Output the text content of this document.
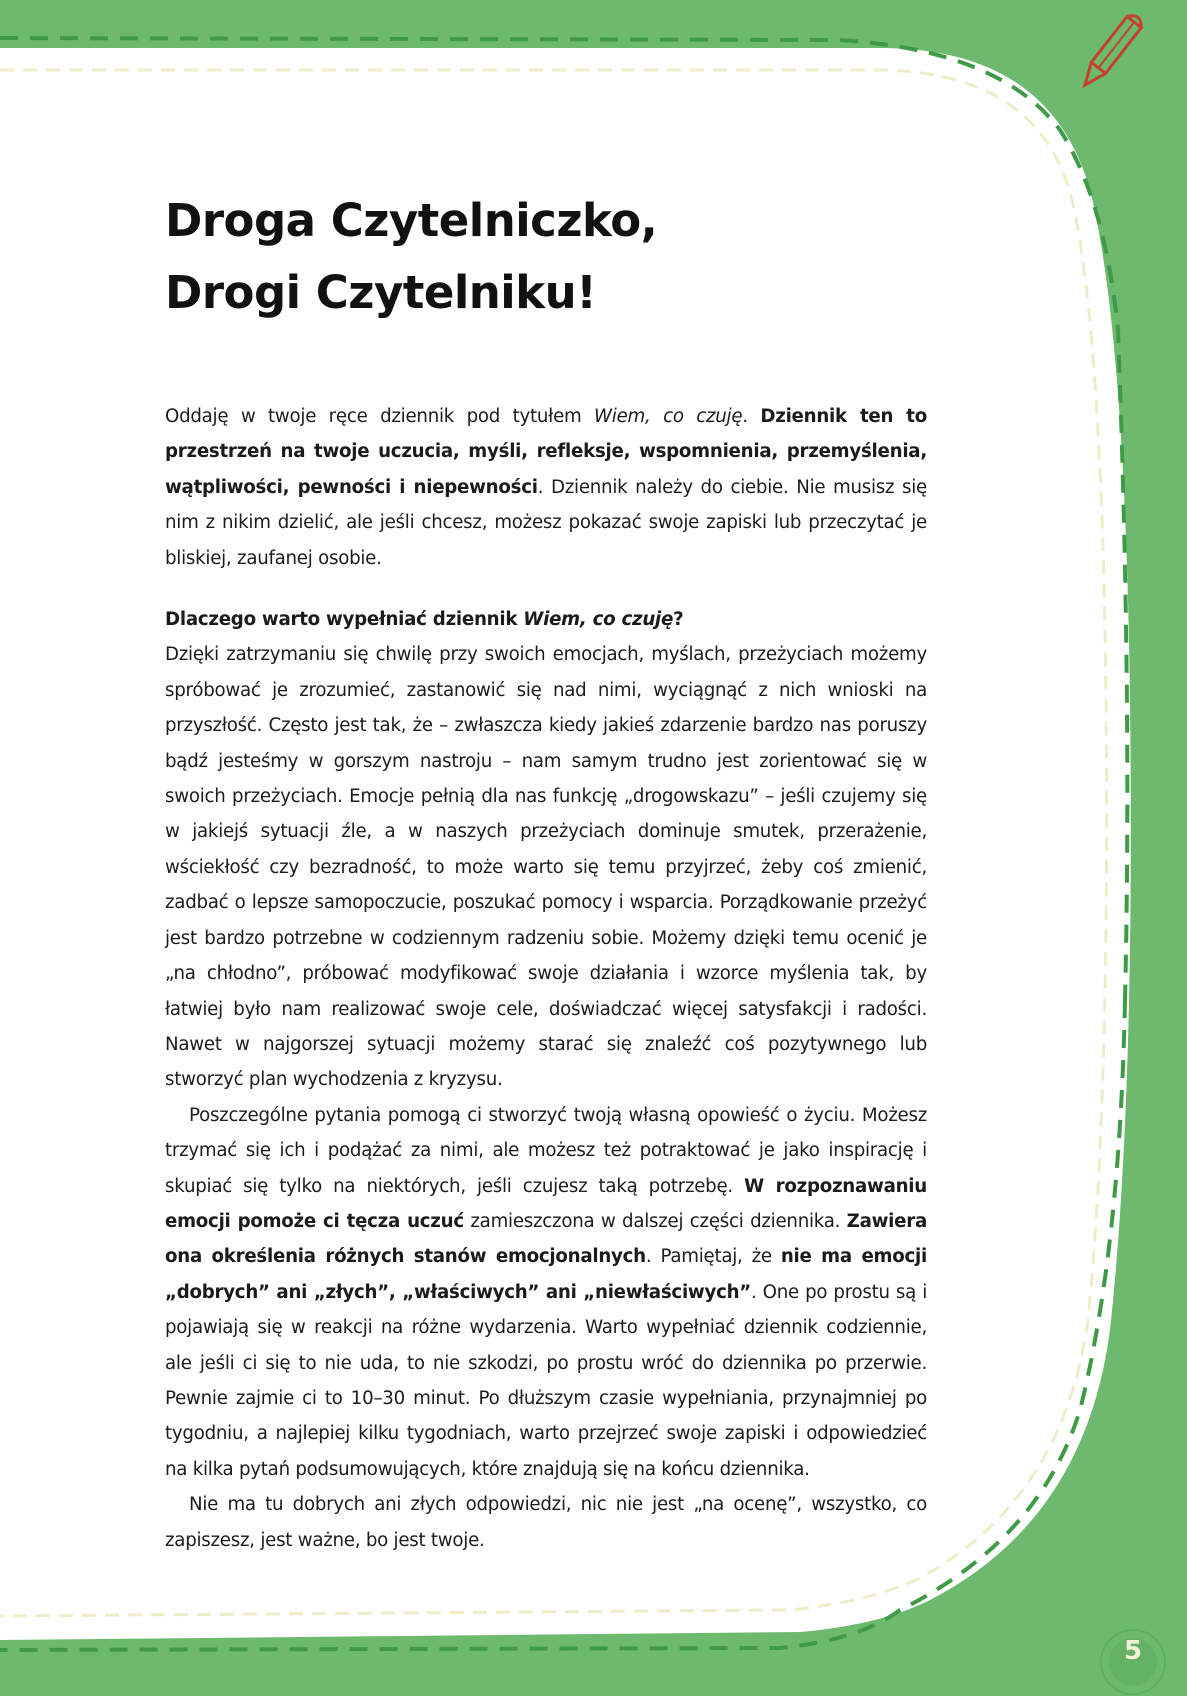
Droga Czytelniczko,
Drogi Czytelniku!

Oddaję w twoje ręce dziennik pod tytułem Wiem, co czuję. Dziennik ten to przestrzeń na twoje uczucia, myśli, refleksje, wspomnienia, przemyślenia, wątpliwości, pewności i niepewności. Dziennik należy do ciebie. Nie musisz się nim z nikim dzielić, ale jeśli chcesz, możesz pokazać swoje zapiski lub przeczytać je bliskiej, zaufanej osobie.

Dlaczego warto wypełniać dziennik Wiem, co czuję?

Dzięki zatrzymaniu się chwilę przy swoich emocjach, myślach, przeżyciach możemy spróbować je zrozumieć, zastanowić się nad nimi, wyciągnąć z nich wnioski na przyszłość. Często jest tak, że – zwłaszcza kiedy jakieś zdarzenie bardzo nas poruszy bądź jesteśmy w gorszym nastroju – nam samym trudno jest zorientować się w swoich przeżyciach. Emocje pełnią dla nas funkcję „drogowskazu” – jeśli czujemy się w jakiejś sytuacji źle, a w naszych przeżyciach dominuje smutek, przerażenie, wściekłość czy bezradność, to może warto się temu przyjrzeć, żeby coś zmienić, zadbać o lepsze samopoczucie, poszukać pomocy i wsparcia. Porządkowanie przeżyć jest bardzo potrzebne w codziennym radzeniu sobie. Możemy dzięki temu ocenić je „na chłodno”, próbować modyfikować swoje działania i wzorce myślenia tak, by łatwiej było nam realizować swoje cele, doświadczać więcej satysfakcji i radości. Nawet w najgorszej sytuacji możemy starać się znaleźć coś pozytywnego lub stworzyć plan wychodzenia z kryzysu.

Poszczególne pytania pomogą ci stworzyć twoją własną opowieść o życiu. Możesz trzymać się ich i podążać za nimi, ale możesz też potraktować je jako inspirację i skupiać się tylko na niektórych, jeśli czujesz taką potrzebę. W rozpoznawaniu emocji pomoże ci tęcza uczuć zamieszczona w dalszej części dziennika. Zawiera ona określenia różnych stanów emocjonalnych. Pamiętaj, że nie ma emocji „dobrych” ani „złych”, „właściwych” ani „niewłaściwych”. One po prostu są i pojawiają się w reakcji na różne wydarzenia. Warto wypełniać dziennik codziennie, ale jeśli ci się to nie uda, to nie szkodzi, po prostu wróć do dziennika po przerwie. Pewnie zajmie ci to 10–30 minut. Po dłuższym czasie wypełniania, przynajmniej po tygodniu, a najlepiej kilku tygodniach, warto przejrzeć swoje zapiski i odpowiedzieć na kilka pytań podsumowujących, które znajdują się na końcu dziennika.

Nie ma tu dobrych ani złych odpowiedzi, nic nie jest „na ocenę”, wszystko, co zapiszesz, jest ważne, bo jest twoje.

5
